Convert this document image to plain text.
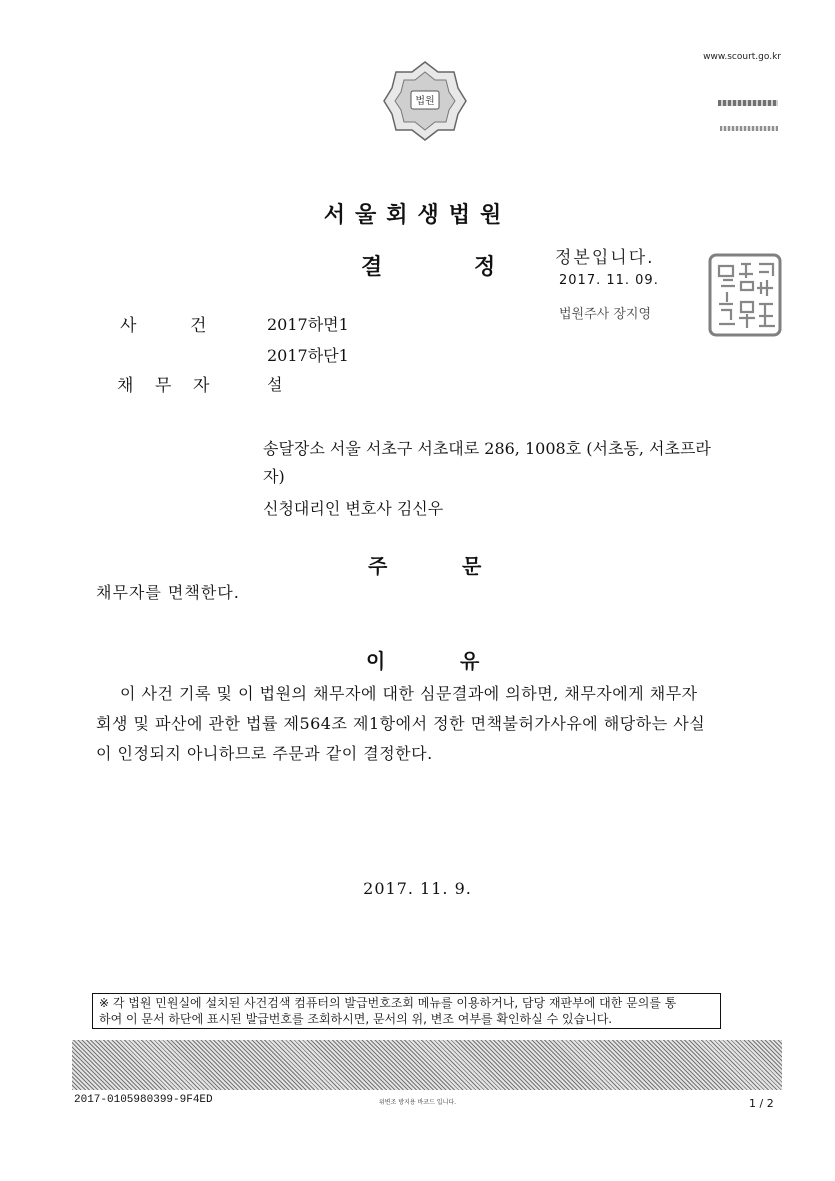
법원
www.scourt.go.kr
서울회생법원
결	정	정본입니다.
2017. 11. 09.
법원주사 장지영
사	건	2017하면1
2017하단1
채 무 자	설
송달장소 서울 서초구 서초대로 286, 1008호 (서초동, 서초프라
자)
신청대리인 변호사 김신우
주	문
채무자를 면책한다.
이	유
이 사건 기록 및 이 법원의 채무자에 대한 심문결과에 의하면, 채무자에게 채무자
회생 및 파산에 관한 법률 제564조 제1항에서 정한 면책불허가사유에 해당하는 사실
이 인정되지 아니하므로 주문과 같이 결정한다.
2017. 11. 9.
※ 각 법원 민원실에 설치된 사건검색 컴퓨터의 발급번호조회 메뉴를 이용하거나, 담당 재판부에 대한 문의를 통
하여 이 문서 하단에 표시된 발급번호를 조회하시면, 문서의 위, 변조 여부를 확인하실 수 있습니다.
2017-0105980399-9F4ED	위변조 방지용 바코드 입니다.	1 / 2
